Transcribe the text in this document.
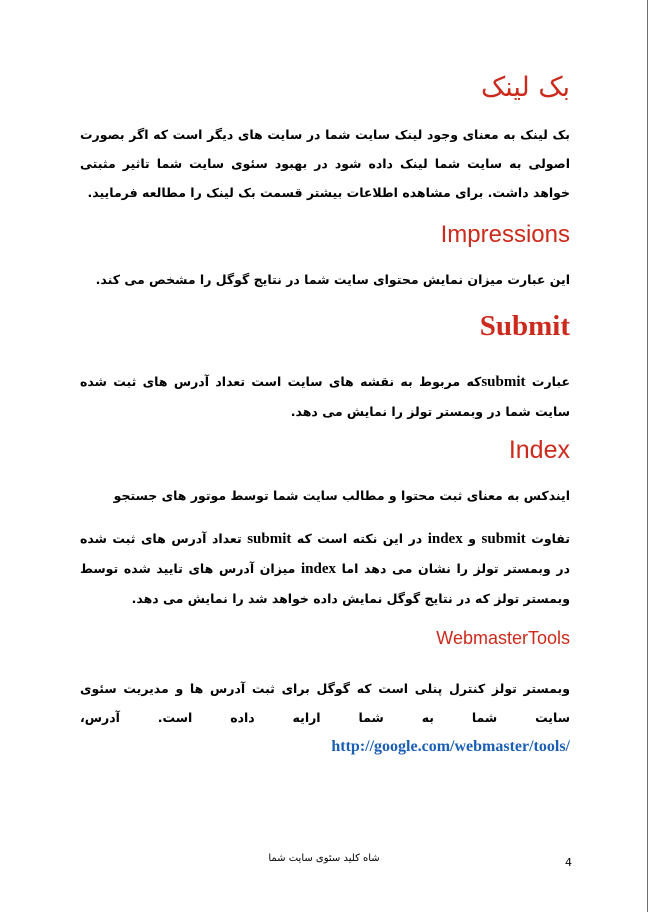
بک لینک

بک لینک به معنای وجود لینک سایت شما در سایت های دیگر است که اگر بصورت اصولی به سایت شما لینک داده شود در بهبود سئوی سایت شما تاثیر مثبتی خواهد داشت. برای مشاهده اطلاعات بیشتر قسمت بک لینک را مطالعه فرمایید.

Impressions

این عبارت میزان نمایش محتوای سایت شما در نتایج گوگل را مشخص می کند.

Submit

عبارت submitکه مربوط به نقشه های سایت است تعداد آدرس های ثبت شده سایت شما در وبمستر تولز را نمایش می دهد.

Index

ایندکس به معنای ثبت محتوا و مطالب سایت شما توسط موتور های جستجو

تفاوت submit و index در این نکته است که submit تعداد آدرس های ثبت شده در وبمستر تولز را نشان می دهد اما index میزان آدرس های تایید شده توسط وبمستر تولز که در نتایج گوگل نمایش داده خواهد شد را نمایش می دهد.

WebmasterTools

وبمستر تولز کنترل پنلی است که گوگل برای ثبت آدرس ها و مدیریت سئوی سایت شما به شما ارایه داده است. آدرس، http://google.com/webmaster/tools/

شاه کلید سئوی سایت شما	4
